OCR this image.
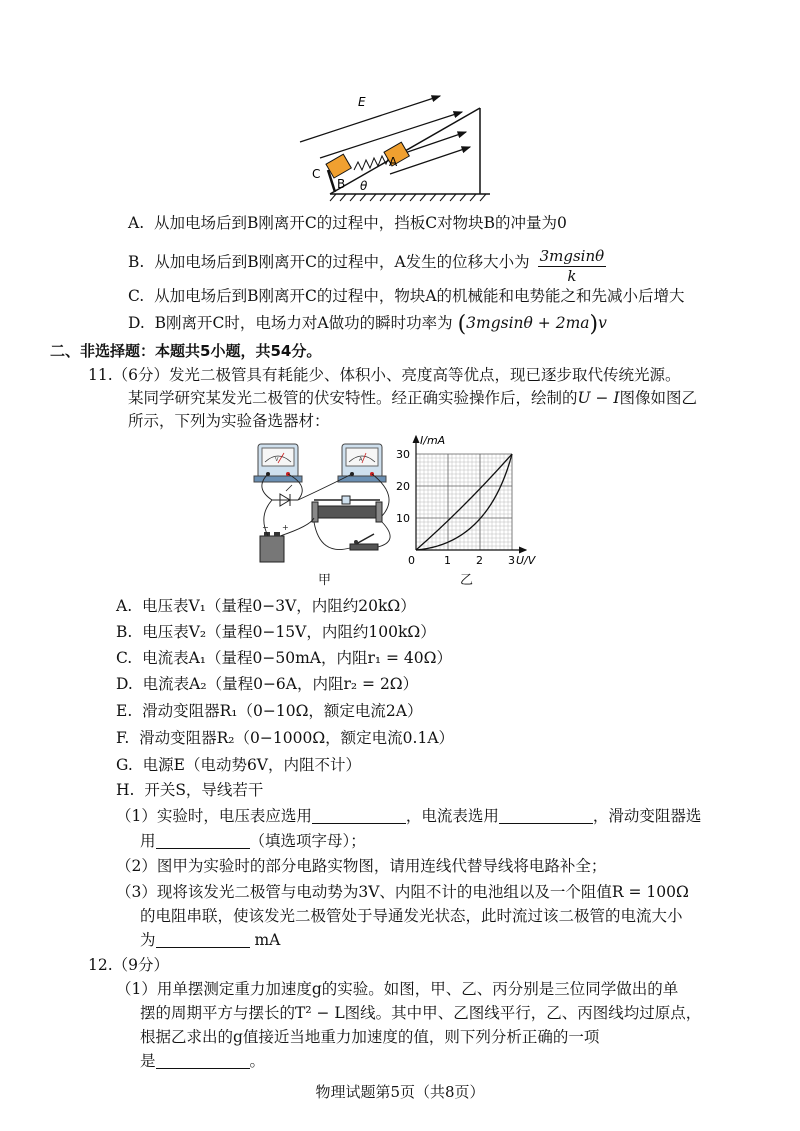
E
C
B
A
θ
A. 从加电场后到B刚离开C的过程中，挡板C对物块B的冲量为0
B. 从加电场后到B刚离开C的过程中，A发生的位移大小为 $\frac{3mgsin\theta}{k}$
C. 从加电场后到B刚离开C的过程中，物块A的机械能和电势能之和先减小后增大
D. B刚离开C时，电场力对A做功的瞬时功率为 (3mgsinθ + 2ma)v
二、非选择题：本题共5小题，共54分。
11.（6分）发光二极管具有耗能少、体积小、亮度高等优点，现已逐步取代传统光源。
某同学研究某发光二极管的伏安特性。经正确实验操作后，绘制的U − I图像如图乙
所示，下列为实验备选器材：
V	A
− +
甲
I/mA
10
20
30
0	1 2 3 U/V
乙
A. 电压表V₁（量程0−3V，内阻约20kΩ）
B. 电压表V₂（量程0−15V，内阻约100kΩ）
C. 电流表A₁（量程0−50mA，内阻r₁ = 40Ω）
D. 电流表A₂（量程0−6A，内阻r₂ = 2Ω）
E. 滑动变阻器R₁（0−10Ω，额定电流2A）
F. 滑动变阻器R₂（0−1000Ω，额定电流0.1A）
G. 电源E（电动势6V，内阻不计）
H. 开关S，导线若干
（1）实验时，电压表应选用	，电流表选用	，滑动变阻器选
用	（填选项字母）；
（2）图甲为实验时的部分电路实物图，请用连线代替导线将电路补全；
（3）现将该发光二极管与电动势为3V、内阻不计的电池组以及一个阻值R = 100Ω
的电阻串联，使该发光二极管处于导通发光状态，此时流过该二极管的电流大小
为	mA
12.（9分）
（1）用单摆测定重力加速度g的实验。如图，甲、乙、丙分别是三位同学做出的单
摆的周期平方与摆长的T² − L图线。其中甲、乙图线平行，乙、丙图线均过原点，
根据乙求出的g值接近当地重力加速度的值，则下列分析正确的一项
是	。
物理试题第5页（共8页）
